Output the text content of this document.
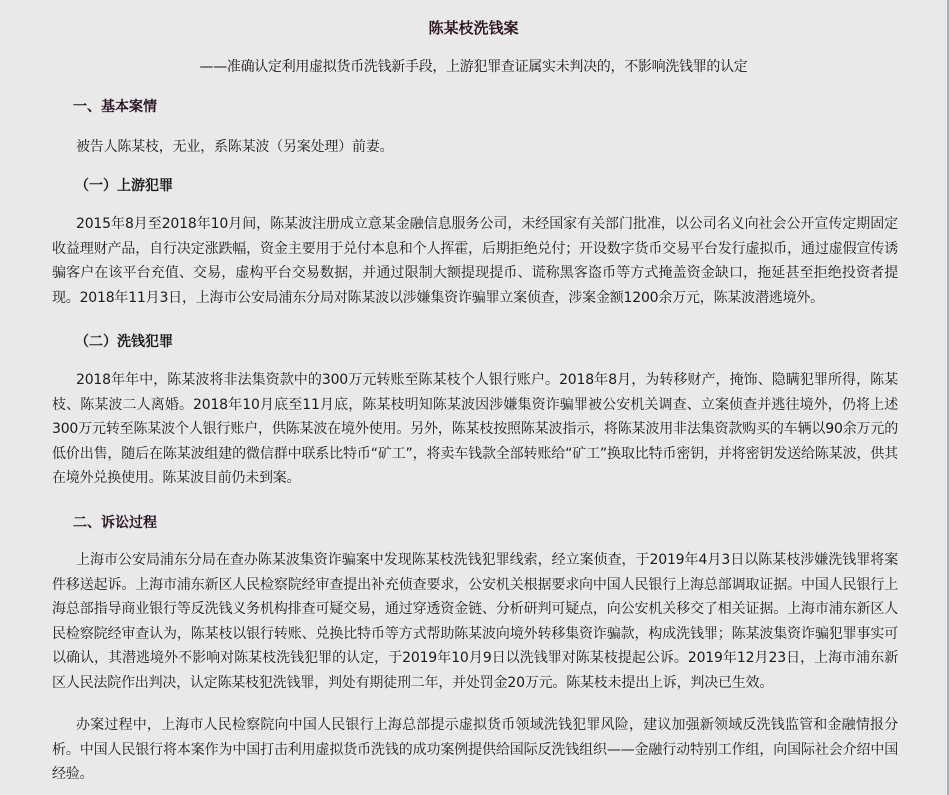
陈某枝洗钱案

——准确认定利用虚拟货币洗钱新手段，上游犯罪查证属实未判决的，不影响洗钱罪的认定

一、基本案情

被告人陈某枝，无业，系陈某波（另案处理）前妻。

（一）上游犯罪

2015年8月至2018年10月间，陈某波注册成立意某金融信息服务公司，未经国家有关部门批准，以公司名义向社会公开宣传定期固定收益理财产品，自行决定涨跌幅，资金主要用于兑付本息和个人挥霍，后期拒绝兑付；开设数字货币交易平台发行虚拟币，通过虚假宣传诱骗客户在该平台充值、交易，虚构平台交易数据，并通过限制大额提现提币、谎称黑客盗币等方式掩盖资金缺口，拖延甚至拒绝投资者提现。2018年11月3日，上海市公安局浦东分局对陈某波以涉嫌集资诈骗罪立案侦查，涉案金额1200余万元，陈某波潜逃境外。

（二）洗钱犯罪

2018年年中，陈某波将非法集资款中的300万元转账至陈某枝个人银行账户。2018年8月，为转移财产，掩饰、隐瞒犯罪所得，陈某枝、陈某波二人离婚。2018年10月底至11月底，陈某枝明知陈某波因涉嫌集资诈骗罪被公安机关调查、立案侦查并逃往境外，仍将上述300万元转至陈某波个人银行账户，供陈某波在境外使用。另外，陈某枝按照陈某波指示，将陈某波用非法集资款购买的车辆以90余万元的低价出售，随后在陈某波组建的微信群中联系比特币“矿工”，将卖车钱款全部转账给“矿工”换取比特币密钥，并将密钥发送给陈某波，供其在境外兑换使用。陈某波目前仍未到案。

二、诉讼过程

上海市公安局浦东分局在查办陈某波集资诈骗案中发现陈某枝洗钱犯罪线索，经立案侦查，于2019年4月3日以陈某枝涉嫌洗钱罪将案件移送起诉。上海市浦东新区人民检察院经审查提出补充侦查要求，公安机关根据要求向中国人民银行上海总部调取证据。中国人民银行上海总部指导商业银行等反洗钱义务机构排查可疑交易，通过穿透资金链、分析研判可疑点，向公安机关移交了相关证据。上海市浦东新区人民检察院经审查认为，陈某枝以银行转账、兑换比特币等方式帮助陈某波向境外转移集资诈骗款，构成洗钱罪；陈某波集资诈骗犯罪事实可以确认，其潜逃境外不影响对陈某枝洗钱犯罪的认定，于2019年10月9日以洗钱罪对陈某枝提起公诉。2019年12月23日，上海市浦东新区人民法院作出判决，认定陈某枝犯洗钱罪，判处有期徒刑二年，并处罚金20万元。陈某枝未提出上诉，判决已生效。

办案过程中，上海市人民检察院向中国人民银行上海总部提示虚拟货币领域洗钱犯罪风险，建议加强新领域反洗钱监管和金融情报分析。中国人民银行将本案作为中国打击利用虚拟货币洗钱的成功案例提供给国际反洗钱组织——金融行动特别工作组，向国际社会介绍中国经验。
